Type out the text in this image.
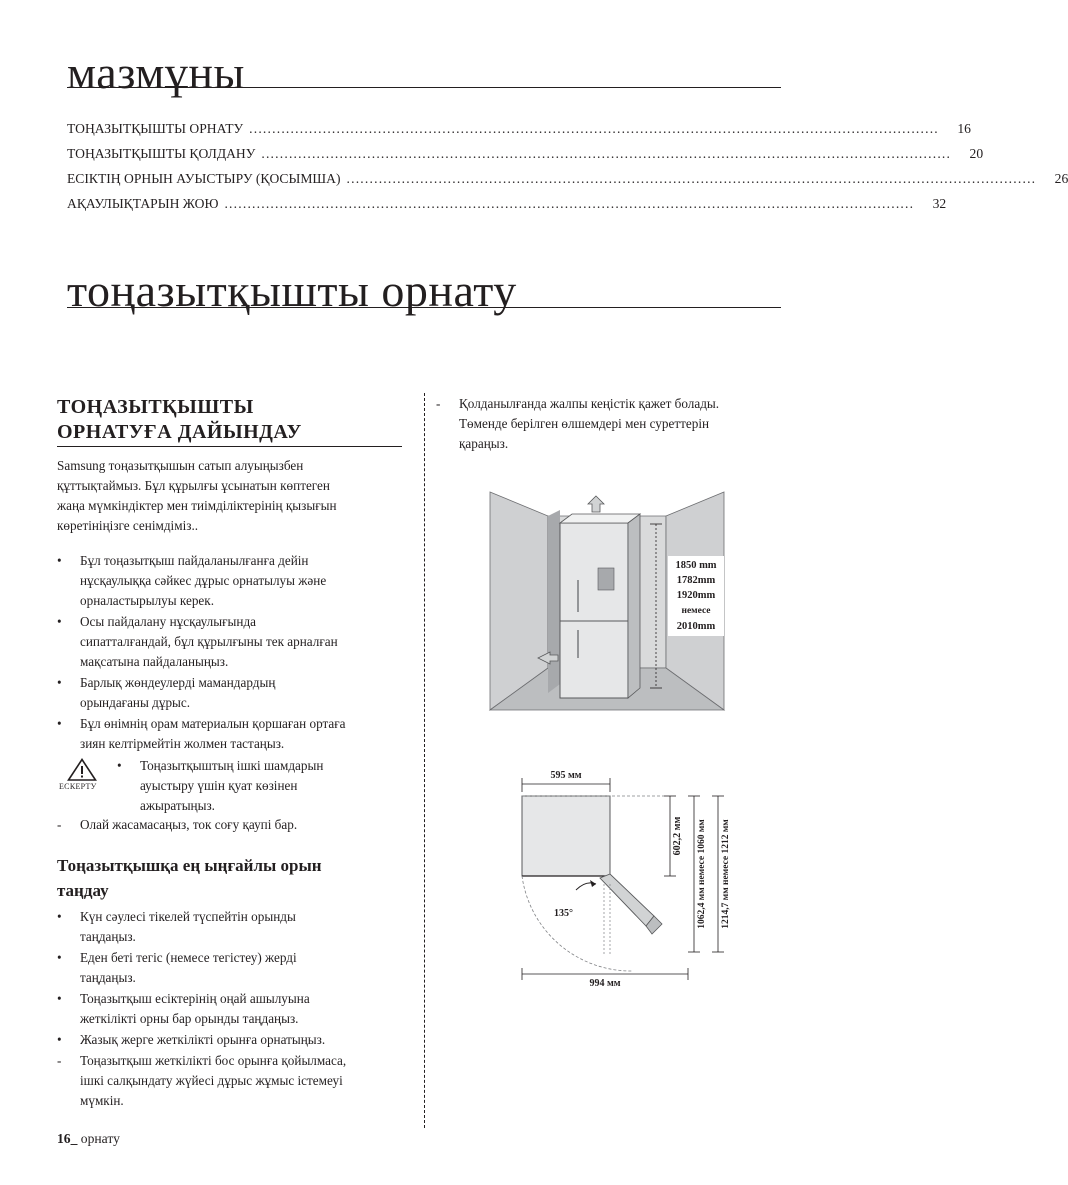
мазмұны
ТОҢАЗЫТҚЫШТЫ ОРНАТУ ......................................................................................................................................................	16
ТОҢАЗЫТҚЫШТЫ ҚОЛДАНУ ......................................................................................................................................................	20
ЕСІКТІҢ ОРНЫН АУЫСТЫРУ (ҚОСЫМША) ......................................................................................................................................................	26
АҚАУЛЫҚТАРЫН ЖОЮ ......................................................................................................................................................	32
тоңазытқышты орнату
ТОҢАЗЫТҚЫШТЫ
ОРНАТУҒА ДАЙЫНДАУ
Samsung тоңазытқышын сатып алуыңызбен
құттықтаймыз. Бұл құрылғы ұсынатын көптеген
жаңа мүмкіндіктер мен тиімділіктерінің қызығын
көретініңізге сенімдіміз..
•	Бұл тоңазытқыш пайдаланылғанға дейін
нұсқаулыққа сәйкес дұрыс орнатылуы және
орналастырылуы керек.
•	Осы пайдалану нұсқаулығында
сипатталғандай, бұл құрылғыны тек арналған
мақсатына пайдаланыңыз.
•	Барлық жөндеулерді мамандардың
орындағаны дұрыс.
•	Бұл өнімнің орам материалын қоршаған ортаға
зиян келтірмейтін жолмен тастаңыз.
ЕСКЕРТУ
•	Тоңазытқыштың ішкі шамдарын
ауыстыру үшін қуат көзінен
ажыратыңыз.
-	Олай жасамасаңыз, ток соғу қаупі бар.
Тоңазытқышқа ең ыңғайлы орын
таңдау
•	Күн сәулесі тікелей түспейтін орынды
таңдаңыз.
•	Еден беті тегіс (немесе тегістеу) жерді
таңдаңыз.
•	Тоңазытқыш есіктерінің оңай ашылуына
жеткілікті орны бар орынды таңдаңыз.
•	Жазық жерге жеткілікті орынға орнатыңыз.
-	Тоңазытқыш жеткілікті бос орынға қойылмаса,
ішкі салқындату жүйесі дұрыс жұмыс істемеуі
мүмкін.
-	Қолданылғанда жалпы кеңістік қажет болады.
Төменде берілген өлшемдері мен суреттерін
қараңыз.
1850 mm
1782mm
1920mm
немесе
2010mm
595 мм
135°
994 мм
602,2 мм 1062,4 мм немесе 1060 мм 1214,7 мм немесе 1212 мм
16_ орнату
